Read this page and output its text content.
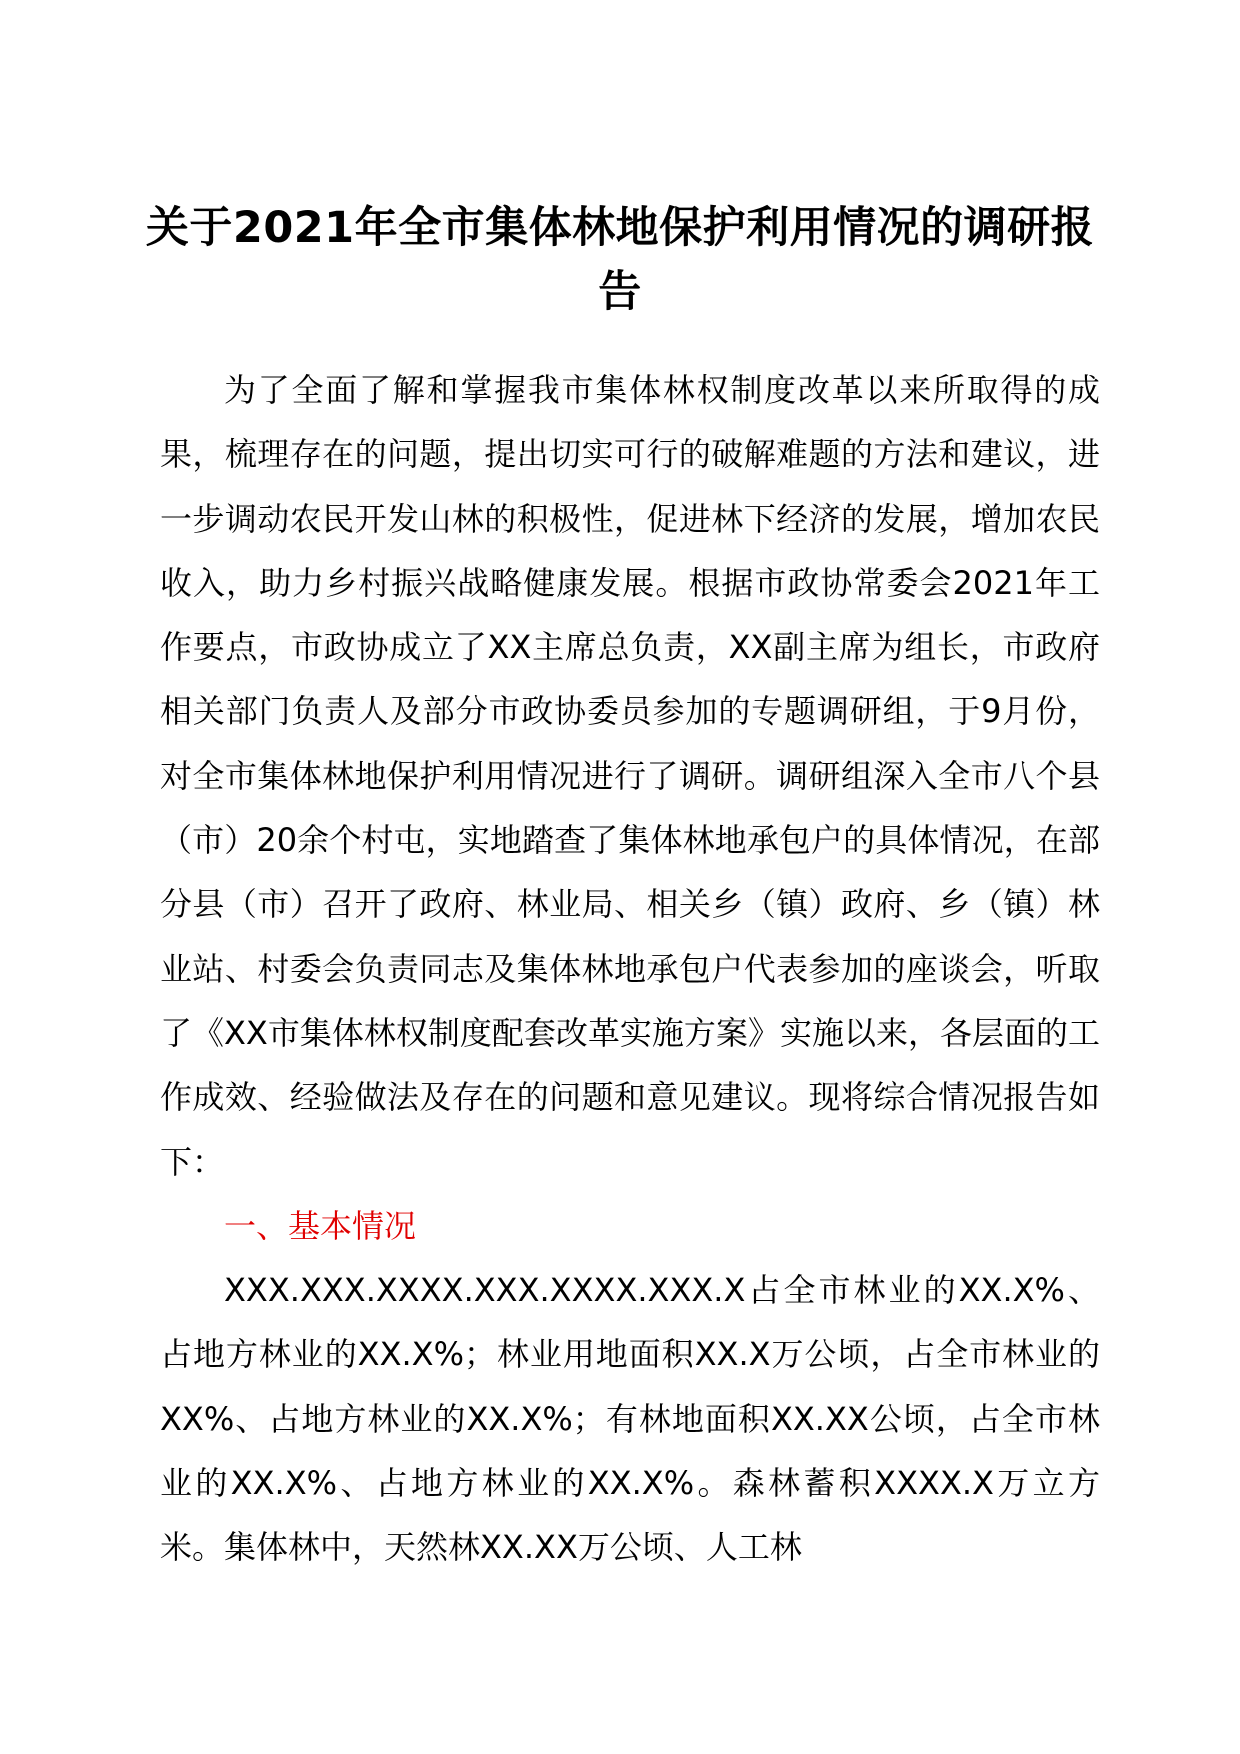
关于2021年全市集体林地保护利用情况的调研报告

为了全面了解和掌握我市集体林权制度改革以来所取得的成果，梳理存在的问题，提出切实可行的破解难题的方法和建议，进一步调动农民开发山林的积极性，促进林下经济的发展，增加农民收入，助力乡村振兴战略健康发展。根据市政协常委会2021年工作要点，市政协成立了XX主席总负责，XX副主席为组长，市政府相关部门负责人及部分市政协委员参加的专题调研组，于9月份，对全市集体林地保护利用情况进行了调研。调研组深入全市八个县（市）20余个村屯，实地踏查了集体林地承包户的具体情况，在部分县（市）召开了政府、林业局、相关乡（镇）政府、乡（镇）林业站、村委会负责同志及集体林地承包户代表参加的座谈会，听取了《XX市集体林权制度配套改革实施方案》实施以来，各层面的工作成效、经验做法及存在的问题和意见建议。现将综合情况报告如下：

一、基本情况

XXX.XXX.XXXX.XXX.XXXX.XXX.X占全市林业的XX.X%、占地方林业的XX.X%；林业用地面积XX.X万公顷，占全市林业的XX%、占地方林业的XX.X%；有林地面积XX.XX公顷，占全市林业的XX.X%、占地方林业的XX.X%。森林蓄积XXXX.X万立方米。集体林中，天然林XX.XX万公顷、人工林
